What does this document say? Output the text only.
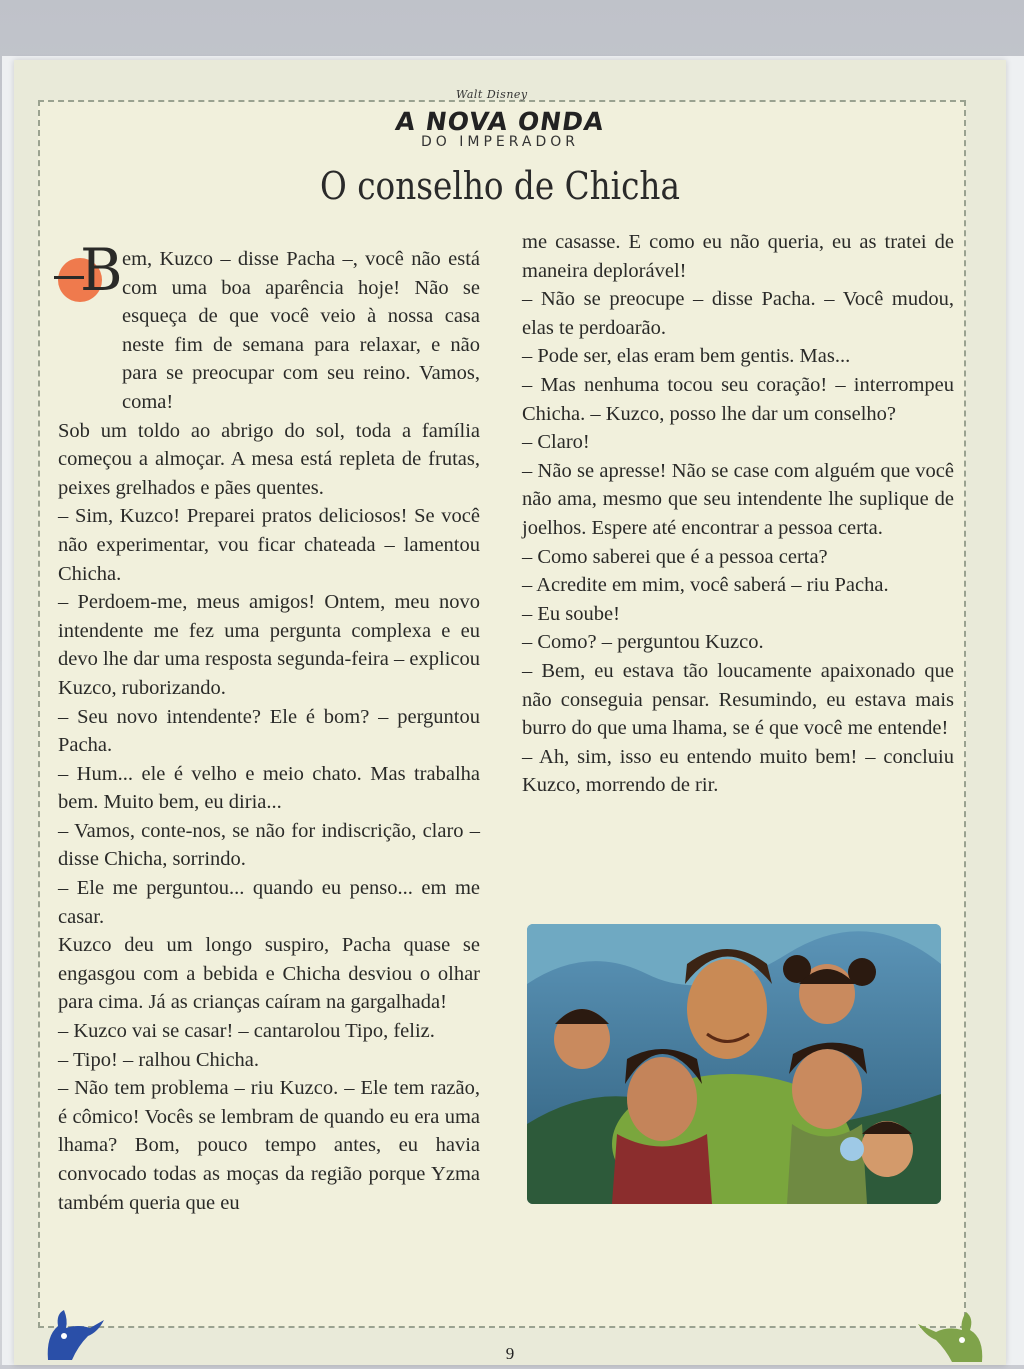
Walt Disney
A NOVA ONDA
DO IMPERADOR
O conselho de Chicha
B em, Kuzco – disse Pacha –, você não está com uma boa aparência hoje! Não se esqueça de que você veio à nossa casa neste fim de semana para relaxar, e não para se preocupar com seu reino. Vamos, coma!

Sob um toldo ao abrigo do sol, toda a família começou a almoçar. A mesa está repleta de frutas, peixes grelhados e pães quentes.

– Sim, Kuzco! Preparei pratos deliciosos! Se você não experimentar, vou ficar chateada – lamentou Chicha.

– Perdoem-me, meus amigos! Ontem, meu novo intendente me fez uma pergunta complexa e eu devo lhe dar uma resposta segunda-feira – explicou Kuzco, ruborizando.

– Seu novo intendente? Ele é bom? – perguntou Pacha.

– Hum... ele é velho e meio chato. Mas trabalha bem. Muito bem, eu diria...

– Vamos, conte-nos, se não for indiscrição, claro – disse Chicha, sorrindo.

– Ele me perguntou... quando eu penso... em me casar.

Kuzco deu um longo suspiro, Pacha quase se engasgou com a bebida e Chicha desviou o olhar para cima. Já as crianças caíram na gargalhada!

– Kuzco vai se casar! – cantarolou Tipo, feliz.

– Tipo! – ralhou Chicha.

– Não tem problema – riu Kuzco. – Ele tem razão, é cômico! Vocês se lembram de quando eu era uma lhama? Bom, pouco tempo antes, eu havia convocado todas as moças da região porque Yzma também queria que eu

me casasse. E como eu não queria, eu as tratei de maneira deplorável!

– Não se preocupe – disse Pacha. – Você mudou, elas te perdoarão.

– Pode ser, elas eram bem gentis. Mas...

– Mas nenhuma tocou seu coração! – interrompeu Chicha. – Kuzco, posso lhe dar um conselho?

– Claro!

– Não se apresse! Não se case com alguém que você não ama, mesmo que seu intendente lhe suplique de joelhos. Espere até encontrar a pessoa certa.

– Como saberei que é a pessoa certa?

– Acredite em mim, você saberá – riu Pacha.

– Eu soube!

– Como? – perguntou Kuzco.

– Bem, eu estava tão loucamente apaixonado que não conseguia pensar. Resumindo, eu estava mais burro do que uma lhama, se é que você me entende!

– Ah, sim, isso eu entendo muito bem! – concluiu Kuzco, morrendo de rir.

9
